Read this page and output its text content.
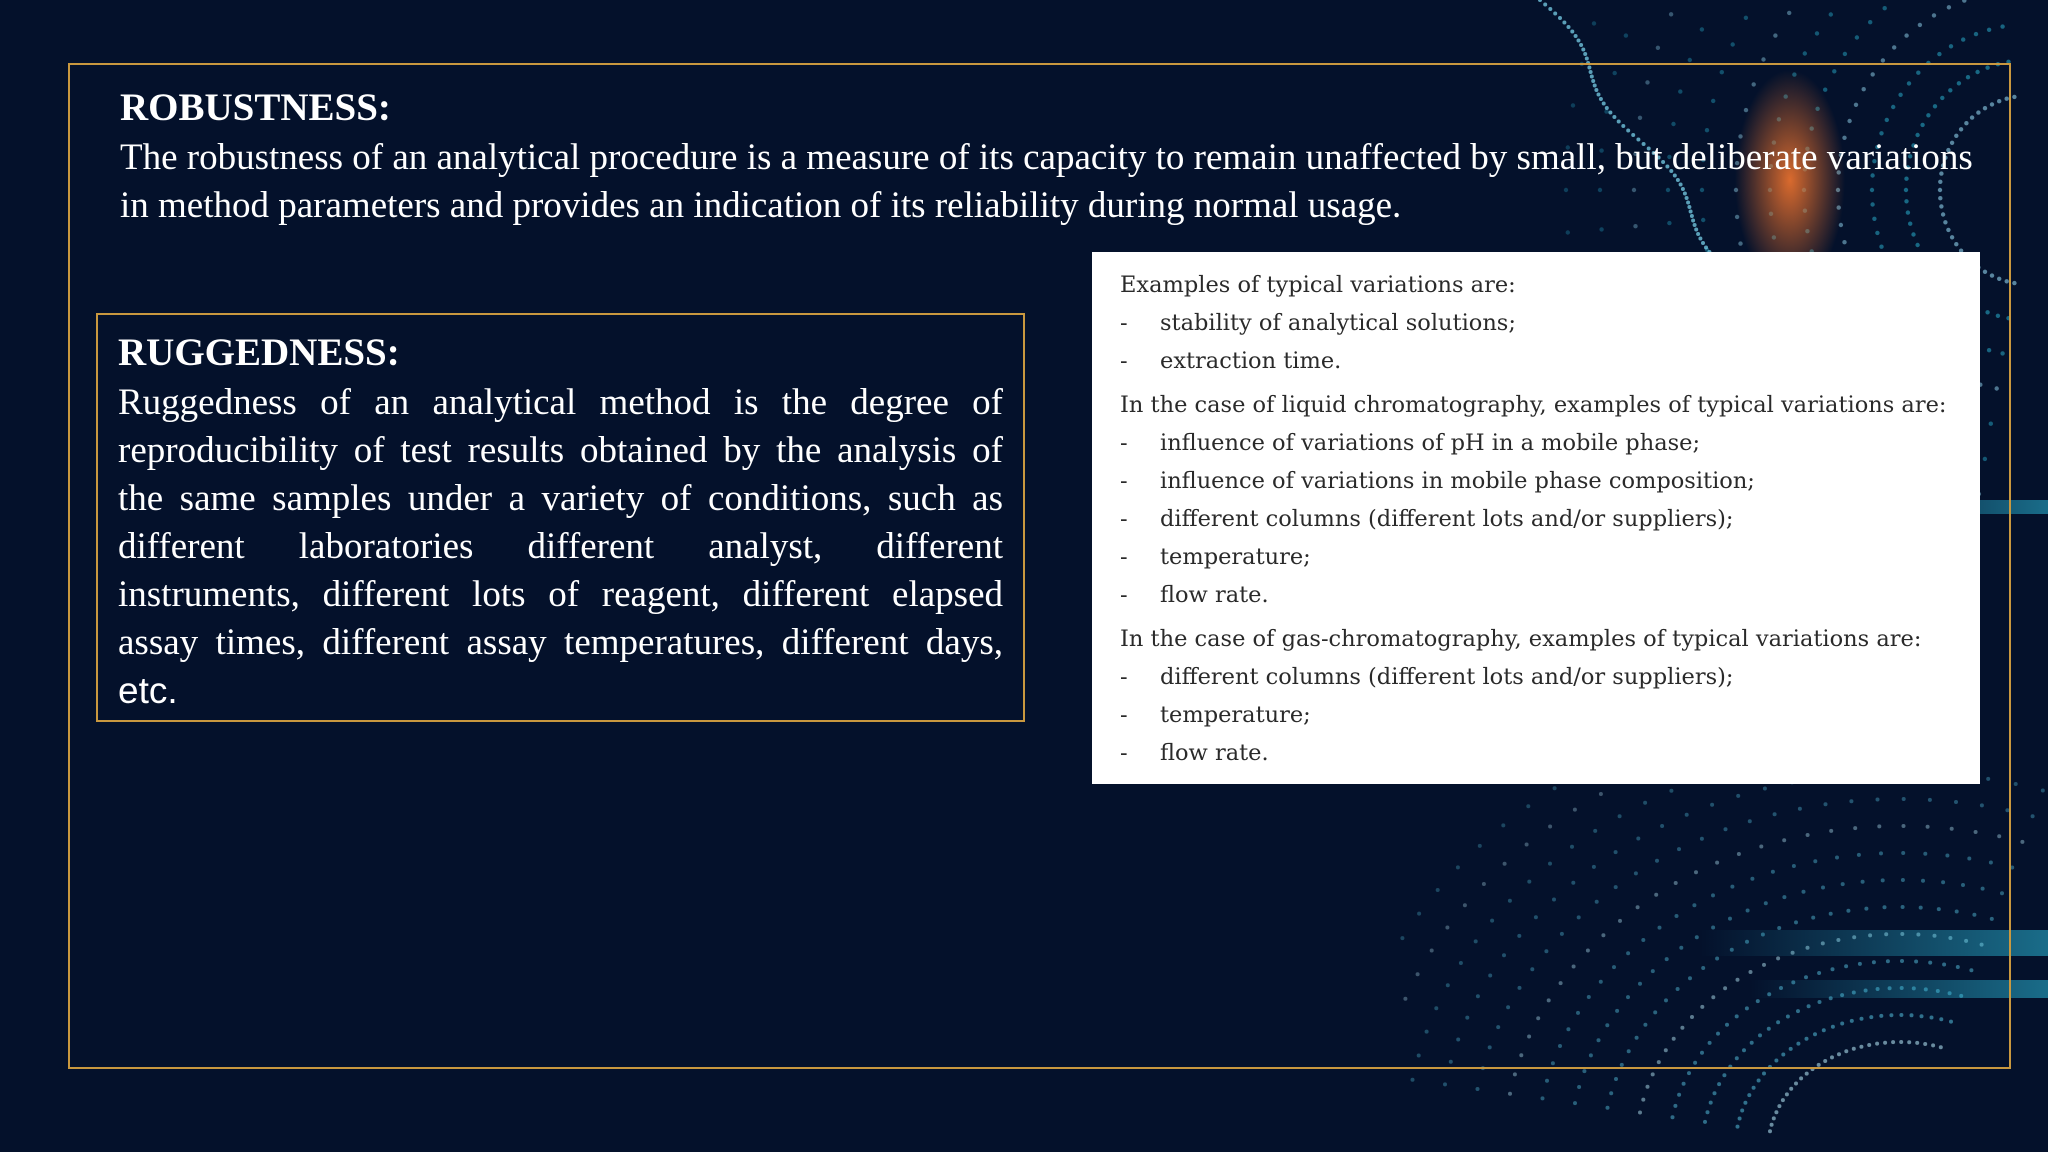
ROBUSTNESS:

The robustness of an analytical procedure is a measure of its capacity to remain unaffected by small, but deliberate variations in method parameters and provides an indication of its reliability during normal usage.

RUGGEDNESS:

Ruggedness of an analytical method is the degree of reproducibility of test results obtained by the analysis of the same samples under a variety of conditions, such as different laboratories different analyst, different instruments, different lots of reagent, different elapsed assay times, different assay temperatures, different days, etc.

Examples of typical variations are:
-	stability of analytical solutions;
-	extraction time.
In the case of liquid chromatography, examples of typical variations are:
-	influence of variations of pH in a mobile phase;
-	influence of variations in mobile phase composition;
-	different columns (different lots and/or suppliers);
-	temperature;
-	flow rate.
In the case of gas-chromatography, examples of typical variations are:
-	different columns (different lots and/or suppliers);
-	temperature;
-	flow rate.
